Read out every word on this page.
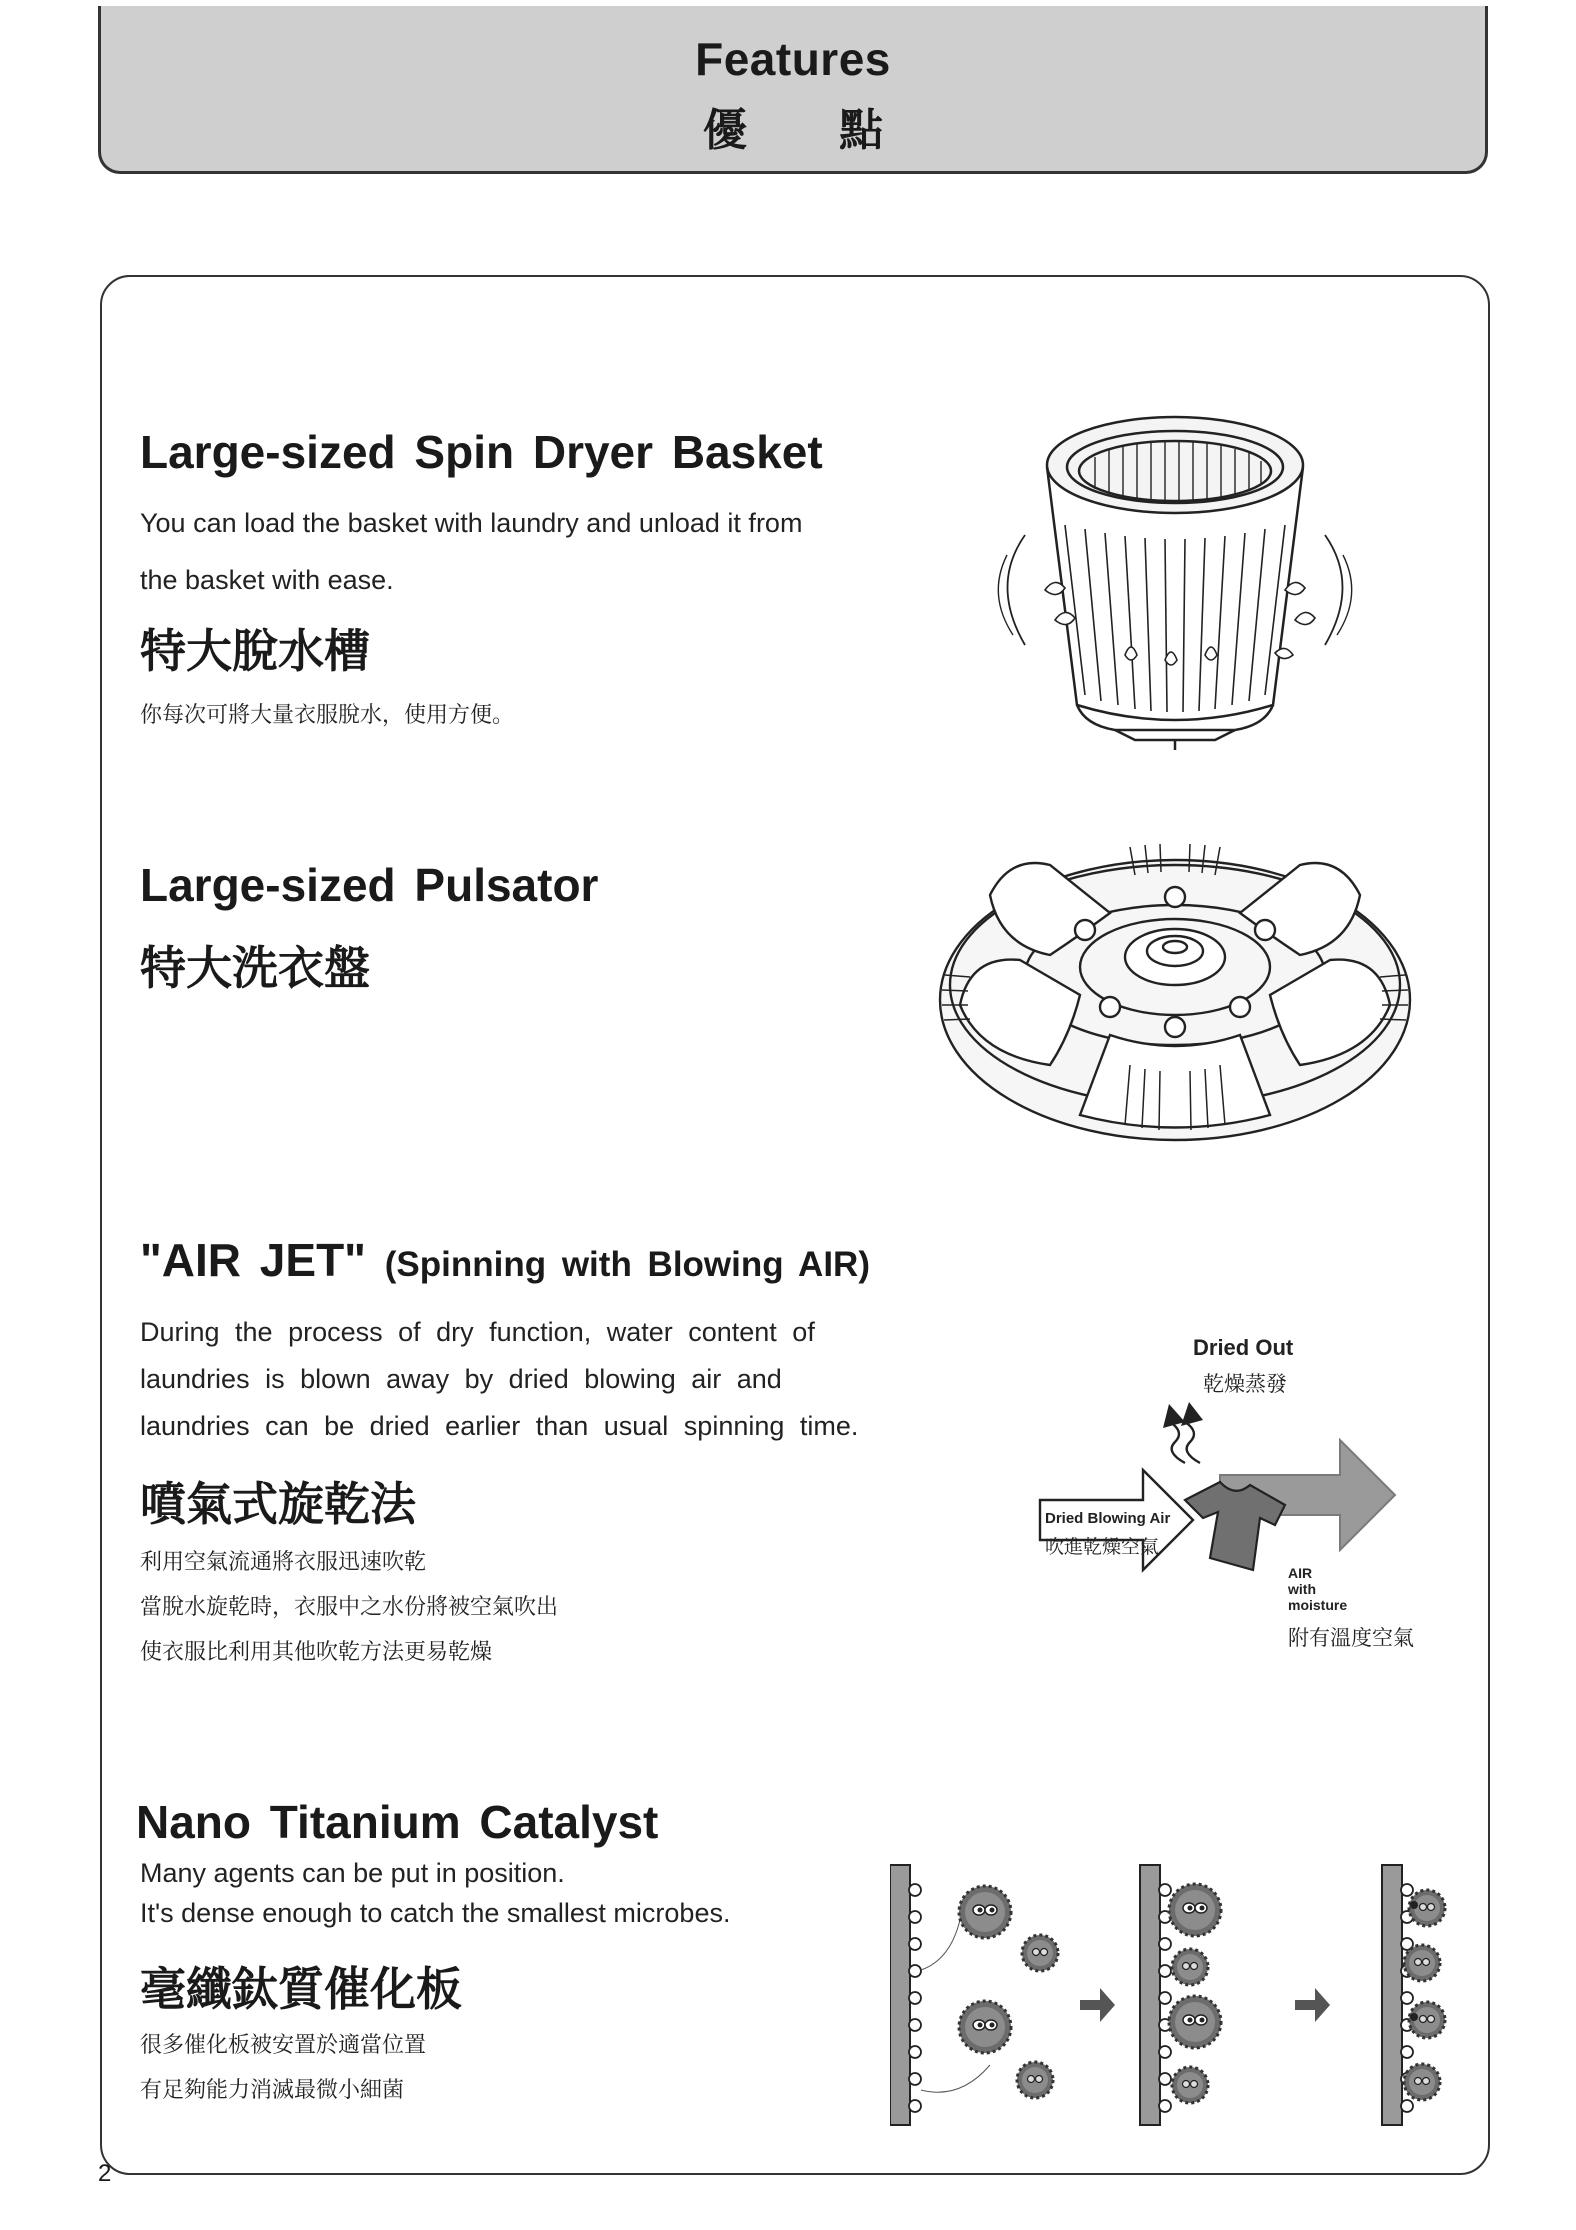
Features
優 點

Large-sized Spin Dryer Basket

You can load the basket with laundry and unload it from

the basket with ease.

特大脫水槽

你每次可將大量衣服脫水，使用方便。

Large-sized Pulsator

特大洗衣盤

"AIR JET" (Spinning with Blowing AIR)

During the process of dry function, water content of

laundries is blown away by dried blowing air and

laundries can be dried earlier than usual spinning time.

噴氣式旋乾法

利用空氣流通將衣服迅速吹乾

當脫水旋乾時，衣服中之水份將被空氣吹出

使衣服比利用其他吹乾方法更易乾燥

Dried Out
乾燥蒸發
Dried Blowing Air
吹進乾燥空氣
AIR
with
moisture
附有溫度空氣

Nano Titanium Catalyst

Many agents can be put in position.

It's dense enough to catch the smallest microbes.

毫纖鈦質催化板

很多催化板被安置於適當位置

有足夠能力消滅最微小細菌

2
